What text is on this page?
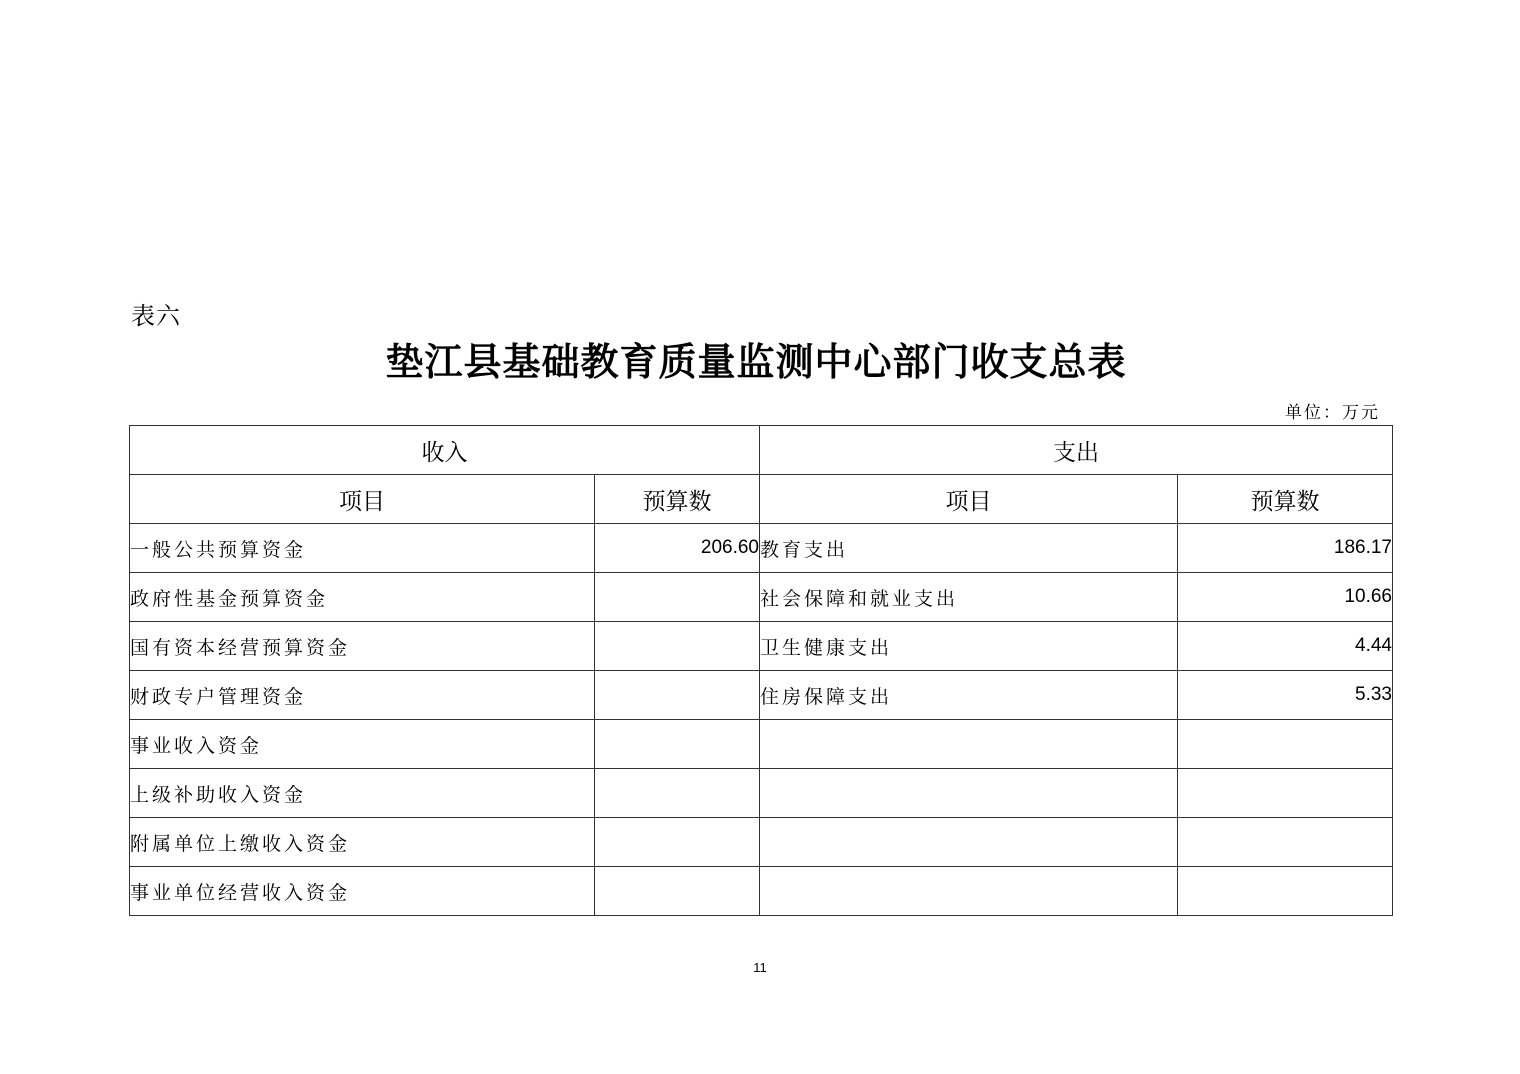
表六
垫江县基础教育质量监测中心部门收支总表
单位：万元
收入		支出	
项目	预算数	项目	预算数
一般公共预算资金	206.60	教育支出	186.17
政府性基金预算资金		社会保障和就业支出	10.66
国有资本经营预算资金		卫生健康支出	4.44
财政专户管理资金		住房保障支出	5.33
事业收入资金			
上级补助收入资金			
附属单位上缴收入资金			
事业单位经营收入资金			
11
